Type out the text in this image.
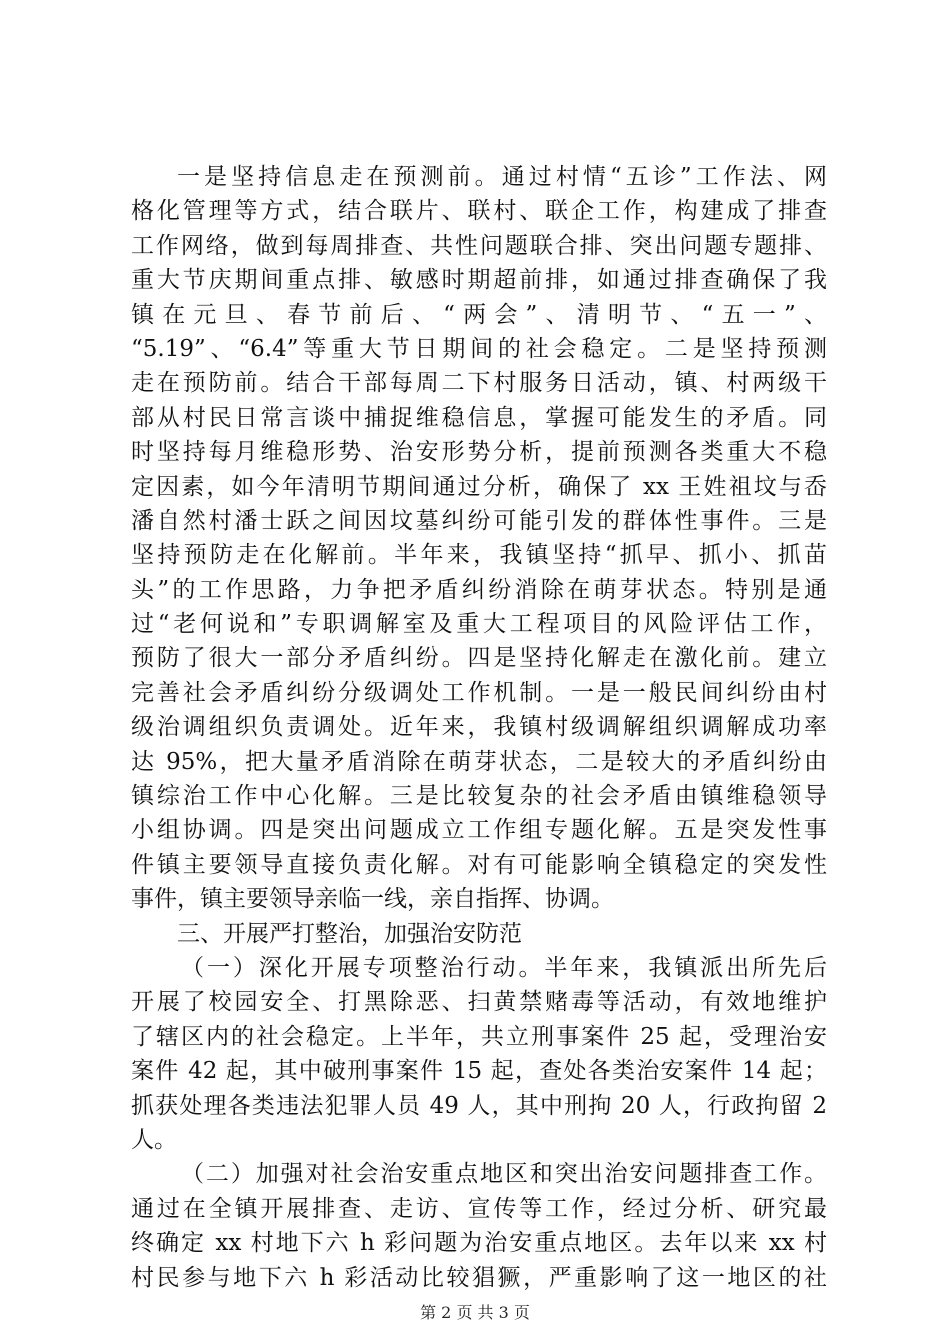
一是坚持信息走在预测前。通过村情“五诊”工作法、网
格化管理等方式，结合联片、联村、联企工作，构建成了排查
工作网络，做到每周排查、共性问题联合排、突出问题专题排、
重大节庆期间重点排、敏感时期超前排，如通过排查确保了我
镇在元旦、春节前后、“两会”、清明节、“五一”、
“5.19”、“6.4”等重大节日期间的社会稳定。二是坚持预测
走在预防前。结合干部每周二下村服务日活动，镇、村两级干
部从村民日常言谈中捕捉维稳信息，掌握可能发生的矛盾。同
时坚持每月维稳形势、治安形势分析，提前预测各类重大不稳
定因素，如今年清明节期间通过分析，确保了 xx 王姓祖坟与岙
潘自然村潘士跃之间因坟墓纠纷可能引发的群体性事件。三是
坚持预防走在化解前。半年来，我镇坚持“抓早、抓小、抓苗
头”的工作思路，力争把矛盾纠纷消除在萌芽状态。特别是通
过“老何说和”专职调解室及重大工程项目的风险评估工作，
预防了很大一部分矛盾纠纷。四是坚持化解走在激化前。建立
完善社会矛盾纠纷分级调处工作机制。一是一般民间纠纷由村
级治调组织负责调处。近年来，我镇村级调解组织调解成功率
达 95%，把大量矛盾消除在萌芽状态，二是较大的矛盾纠纷由
镇综治工作中心化解。三是比较复杂的社会矛盾由镇维稳领导
小组协调。四是突出问题成立工作组专题化解。五是突发性事
件镇主要领导直接负责化解。对有可能影响全镇稳定的突发性
事件，镇主要领导亲临一线，亲自指挥、协调。
三、开展严打整治，加强治安防范
（一）深化开展专项整治行动。半年来，我镇派出所先后
开展了校园安全、打黑除恶、扫黄禁赌毒等活动，有效地维护
了辖区内的社会稳定。上半年，共立刑事案件 25 起，受理治安
案件 42 起，其中破刑事案件 15 起，查处各类治安案件 14 起；
抓获处理各类违法犯罪人员 49 人，其中刑拘 20 人，行政拘留 2
人。
（二）加强对社会治安重点地区和突出治安问题排查工作。
通过在全镇开展排查、走访、宣传等工作，经过分析、研究最
终确定 xx 村地下六 h 彩问题为治安重点地区。去年以来 xx 村
村民参与地下六 h 彩活动比较猖獗，严重影响了这一地区的社
第 2 页 共 3 页
